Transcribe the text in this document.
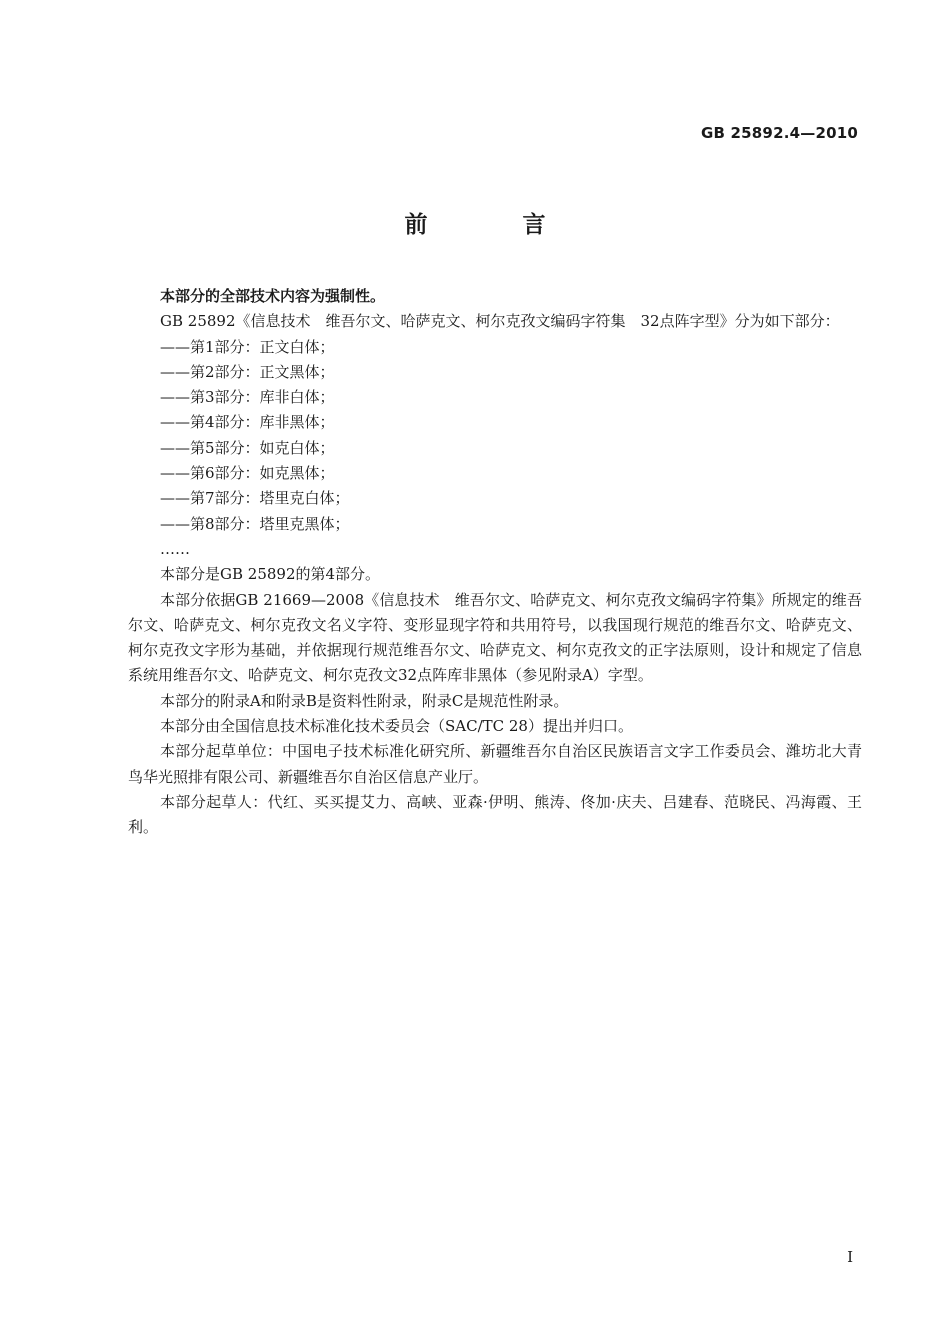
GB 25892.4—2010
前　言

本部分的全部技术内容为强制性。

GB 25892《信息技术　维吾尔文、哈萨克文、柯尔克孜文编码字符集　32点阵字型》分为如下部分：

——第1部分：正文白体；

——第2部分：正文黑体；

——第3部分：库非白体；

——第4部分：库非黑体；

——第5部分：如克白体；

——第6部分：如克黑体；

——第7部分：塔里克白体；

——第8部分：塔里克黑体；

……

本部分是GB 25892的第4部分。

本部分依据GB 21669—2008《信息技术　维吾尔文、哈萨克文、柯尔克孜文编码字符集》所规定的维吾尔文、哈萨克文、柯尔克孜文名义字符、变形显现字符和共用符号，以我国现行规范的维吾尔文、哈萨克文、柯尔克孜文字形为基础，并依据现行规范维吾尔文、哈萨克文、柯尔克孜文的正字法原则，设计和规定了信息系统用维吾尔文、哈萨克文、柯尔克孜文32点阵库非黑体（参见附录A）字型。

本部分的附录A和附录B是资料性附录，附录C是规范性附录。

本部分由全国信息技术标准化技术委员会（SAC/TC 28）提出并归口。

本部分起草单位：中国电子技术标准化研究所、新疆维吾尔自治区民族语言文字工作委员会、潍坊北大青鸟华光照排有限公司、新疆维吾尔自治区信息产业厅。

本部分起草人：代红、买买提艾力、高峡、亚森·伊明、熊涛、佟加·庆夫、吕建春、范晓民、冯海霞、王利。

I
